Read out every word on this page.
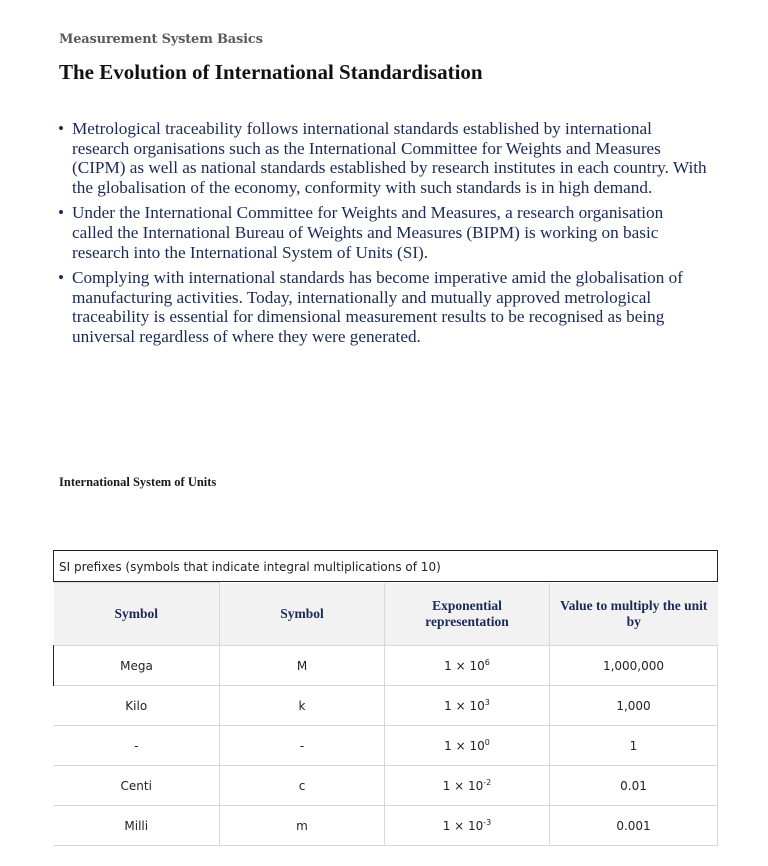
Measurement System Basics
The Evolution of International Standardisation
• Metrological traceability follows international standards established by international research organisations such as the International Committee for Weights and Measures (CIPM) as well as national standards established by research institutes in each country. With the globalisation of the economy, conformity with such standards is in high demand.
• Under the International Committee for Weights and Measures, a research organisation called the International Bureau of Weights and Measures (BIPM) is working on basic research into the International System of Units (SI).
• Complying with international standards has become imperative amid the globalisation of manufacturing activities. Today, internationally and mutually approved metrological traceability is essential for dimensional measurement results to be recognised as being universal regardless of where they were generated.
International System of Units
SI prefixes (symbols that indicate integral multiplications of 10)
Symbol	Symbol	Exponential representation	Value to multiply the unit by
Mega	M	$1 \times 10^6$	1,000,000
Kilo	k	$1 \times 10^3$	1,000
-	-	$1 \times 10^0$	1
Centi	c	$1 \times 10^{-2}$	0.01
Milli	m	$1 \times 10^{-3}$	0.001
